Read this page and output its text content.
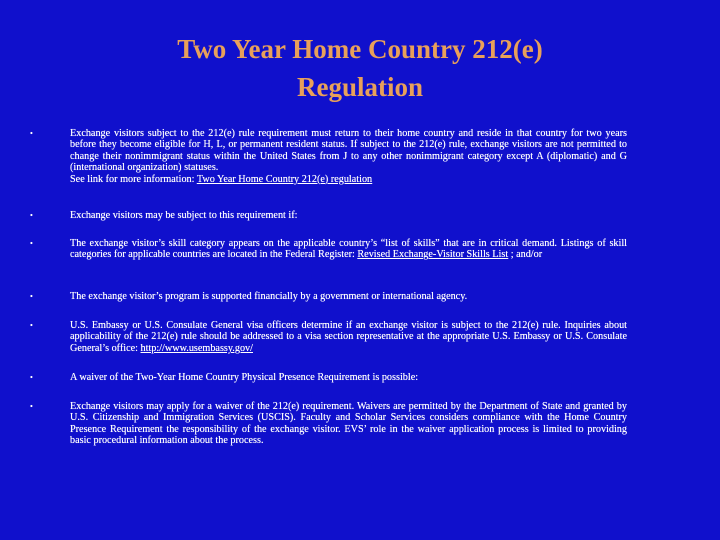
Two Year Home Country 212(e)
Regulation
•	Exchange visitors subject to the 212(e) rule requirement must return to their home country and reside in that country for two years before they become eligible for H, L, or permanent resident status. If subject to the 212(e) rule, exchange visitors are not permitted to change their nonimmigrant status within the United States from J to any other nonimmigrant category except A (diplomatic) and G (international organization) statuses.
See link for more information: Two Year Home Country 212(e) regulation
•	Exchange visitors may be subject to this requirement if:
•	The exchange visitor’s skill category appears on the applicable country’s “list of skills” that are in critical demand. Listings of skill categories for applicable countries are located in the Federal Register: Revised Exchange-Visitor Skills List ; and/or
•	The exchange visitor’s program is supported financially by a government or international agency.
•	U.S. Embassy or U.S. Consulate General visa officers determine if an exchange visitor is subject to the 212(e) rule. Inquiries about applicability of the 212(e) rule should be addressed to a visa section representative at the appropriate U.S. Embassy or U.S. Consulate General’s office: http://www.usembassy.gov/
•	A waiver of the Two-Year Home Country Physical Presence Requirement is possible:
•	Exchange visitors may apply for a waiver of the 212(e) requirement. Waivers are permitted by the Department of State and granted by U.S. Citizenship and Immigration Services (USCIS). Faculty and Scholar Services considers compliance with the Home Country Presence Requirement the responsibility of the exchange visitor. EVS’ role in the waiver application process is limited to providing basic procedural information about the process.
